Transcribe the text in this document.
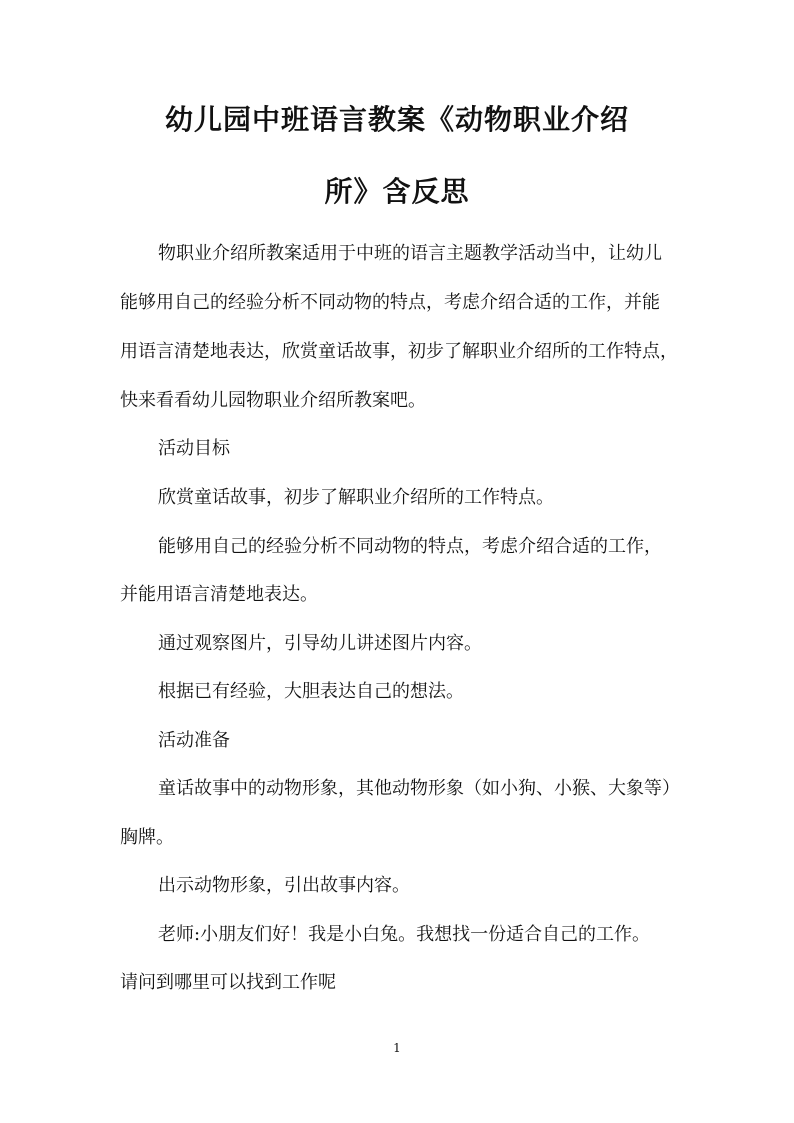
幼儿园中班语言教案《动物职业介绍
所》含反思
物职业介绍所教案适用于中班的语言主题教学活动当中，让幼儿
能够用自己的经验分析不同动物的特点，考虑介绍合适的工作，并能
用语言清楚地表达，欣赏童话故事，初步了解职业介绍所的工作特点，
快来看看幼儿园物职业介绍所教案吧。
活动目标
欣赏童话故事，初步了解职业介绍所的工作特点。
能够用自己的经验分析不同动物的特点，考虑介绍合适的工作，
并能用语言清楚地表达。
通过观察图片，引导幼儿讲述图片内容。
根据已有经验，大胆表达自己的想法。
活动准备
童话故事中的动物形象，其他动物形象（如小狗、小猴、大象等）
胸牌。
出示动物形象，引出故事内容。
老师:小朋友们好！我是小白兔。我想找一份适合自己的工作。
请问到哪里可以找到工作呢
1
